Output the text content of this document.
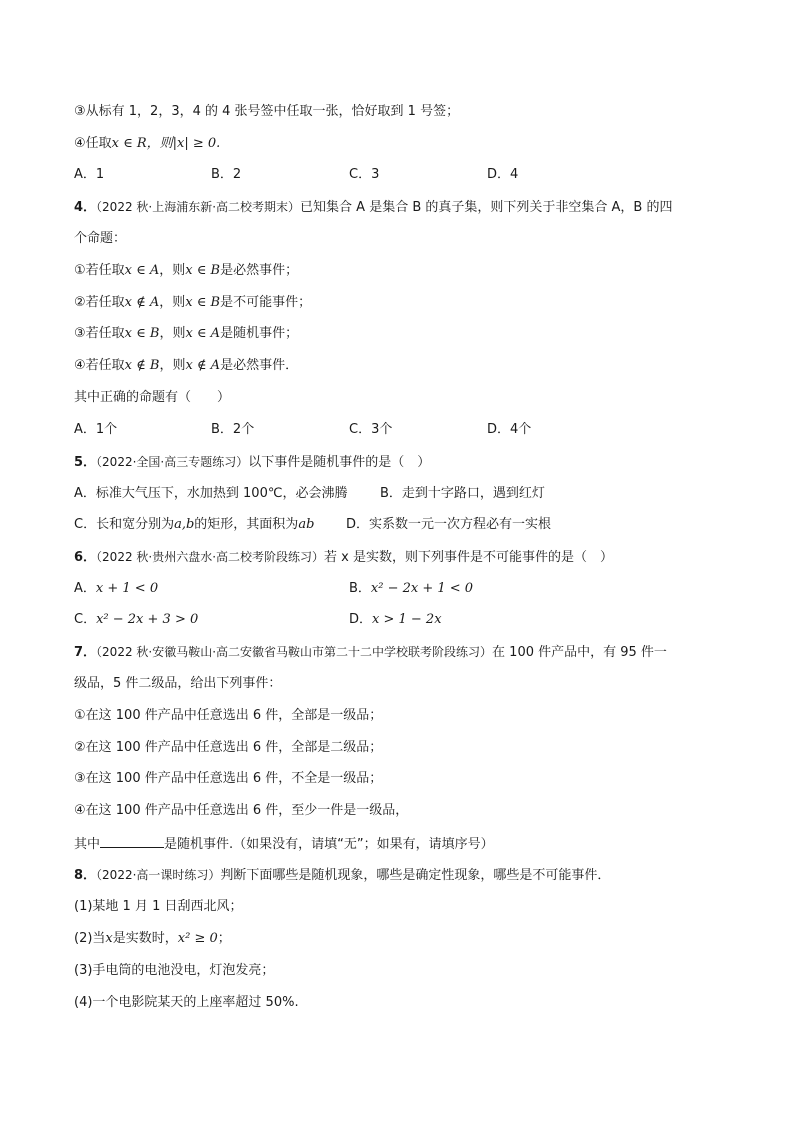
③从标有 1，2，3，4 的 4 张号签中任取一张，恰好取到 1 号签；
④任取x ∈ R，则|x| ≥ 0.
A．1	B．2	C．3	D．4
4．（2022 秋·上海浦东新·高二校考期末）已知集合 A 是集合 B 的真子集，则下列关于非空集合 A，B 的四
个命题：
①若任取x ∈ A，则x ∈ B是必然事件；
②若任取x ∉ A，则x ∈ B是不可能事件；
③若任取x ∈ B，则x ∈ A是随机事件；
④若任取x ∉ B，则x ∉ A是必然事件．
其中正确的命题有（　　）
A．1个	B．2个	C．3个	D．4个
5．（2022·全国·高三专题练习）以下事件是随机事件的是（　）
A．标准大气压下，水加热到 100℃，必会沸腾	B．走到十字路口，遇到红灯
C．长和宽分别为a,b的矩形，其面积为ab D．实系数一元一次方程必有一实根
6．（2022 秋·贵州六盘水·高二校考阶段练习）若 x 是实数，则下列事件是不可能事件的是（　）
A．x + 1 < 0	B．x² − 2x + 1 < 0
C．x² − 2x + 3 > 0	D．x > 1 − 2x
7．（2022 秋·安徽马鞍山·高二安徽省马鞍山市第二十二中学校联考阶段练习）在 100 件产品中，有 95 件一
级品，5 件二级品，给出下列事件：
①在这 100 件产品中任意选出 6 件，全部是一级品；
②在这 100 件产品中任意选出 6 件，全部是二级品；
③在这 100 件产品中任意选出 6 件，不全是一级品；
④在这 100 件产品中任意选出 6 件，至少一件是一级品，
其中	是随机事件.（如果没有，请填“无”；如果有，请填序号）
8．（2022·高一课时练习）判断下面哪些是随机现象，哪些是确定性现象，哪些是不可能事件．
(1)某地 1 月 1 日刮西北风；
(2)当x是实数时，x² ≥ 0；
(3)手电筒的电池没电，灯泡发亮；
(4)一个电影院某天的上座率超过 50%.
